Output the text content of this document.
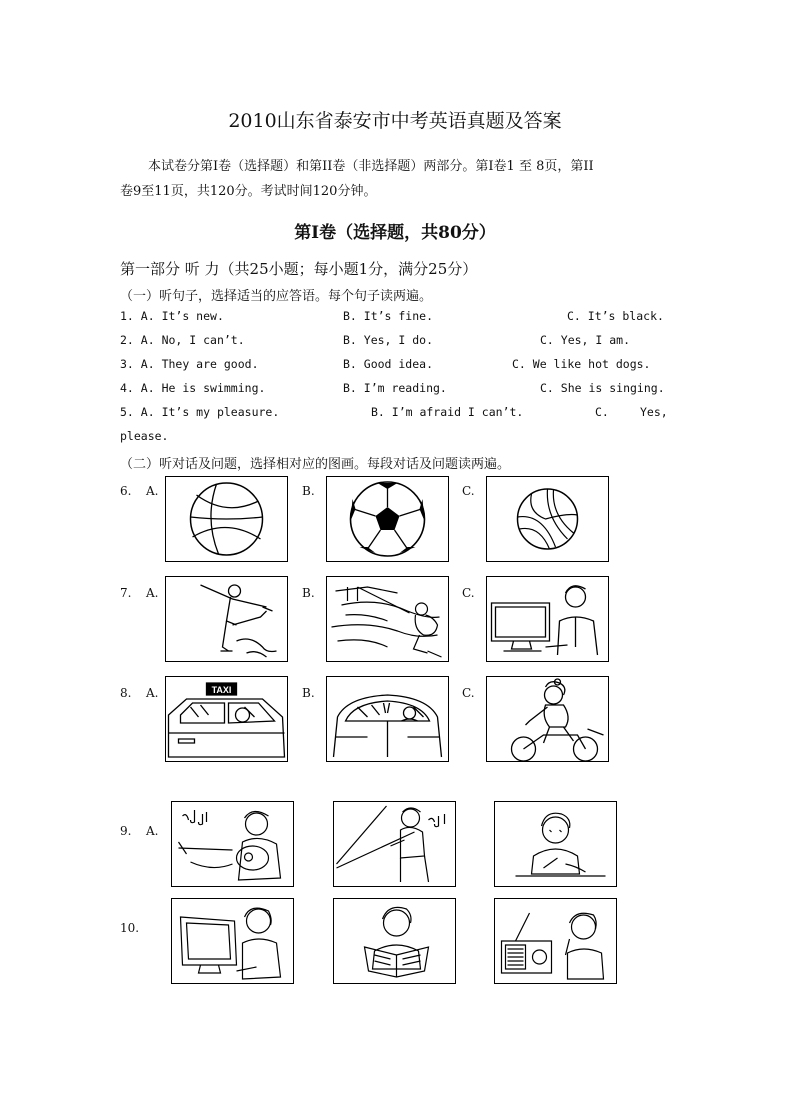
2010山东省泰安市中考英语真题及答案
本试卷分第Ⅰ卷（选择题）和第II卷（非选择题）两部分。第Ⅰ卷1 至 8页，第II
卷9至11页，共120分。考试时间120分钟。
第Ⅰ卷（选择题，共80分）
第一部分 听 力（共25小题；每小题1分，满分25分）
（一）听句子，选择适当的应答语。每个句子读两遍。
1. A. It’s new.	B. It’s fine.	C. It’s black.
2. A. No, I can’t.	B. Yes, I do.	C. Yes, I am.
3. A. They are good.	B. Good idea.	C. We like hot dogs.
4. A. He is swimming.	B. I’m reading.	C. She is singing.
5. A. It’s my pleasure.	B. I’m afraid I can’t.	C.	Yes,
please.
（二）听对话及问题，选择相对应的图画。每段对话及问题读两遍。
6. A.	B.	C.
7. A.	B.	C.
8. A.	B.	C.
TAXI
9. A.
10.
